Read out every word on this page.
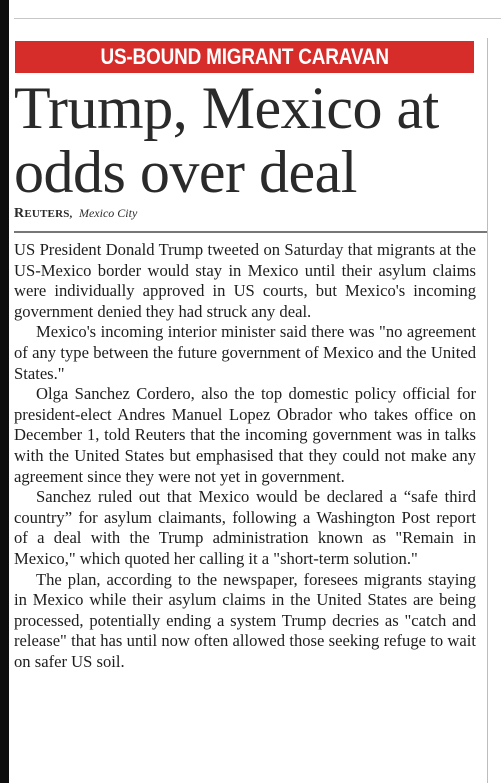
US-BOUND MIGRANT CARAVAN
Trump, Mexico at
odds over deal
REUTERS, Mexico City

US President Donald Trump tweeted on Saturday that migrants at the US-Mexico border would stay in Mexico until their asylum claims were individually approved in US courts, but Mexico's incoming government denied they had struck any deal.

Mexico's incoming interior minister said there was "no agreement of any type between the future government of Mexico and the United States."

Olga Sanchez Cordero, also the top domestic policy official for president-elect Andres Manuel Lopez Obrador who takes office on December 1, told Reuters that the incoming government was in talks with the United States but emphasised that they could not make any agreement since they were not yet in government.

Sanchez ruled out that Mexico would be declared a “safe third country” for asylum claimants, following a Washington Post report of a deal with the Trump administration known as "Remain in Mexico," which quoted her calling it a "short-term solution."

The plan, according to the newspaper, foresees migrants staying in Mexico while their asylum claims in the United States are being processed, potentially ending a system Trump decries as "catch and release" that has until now often allowed those seeking refuge to wait on safer US soil.
